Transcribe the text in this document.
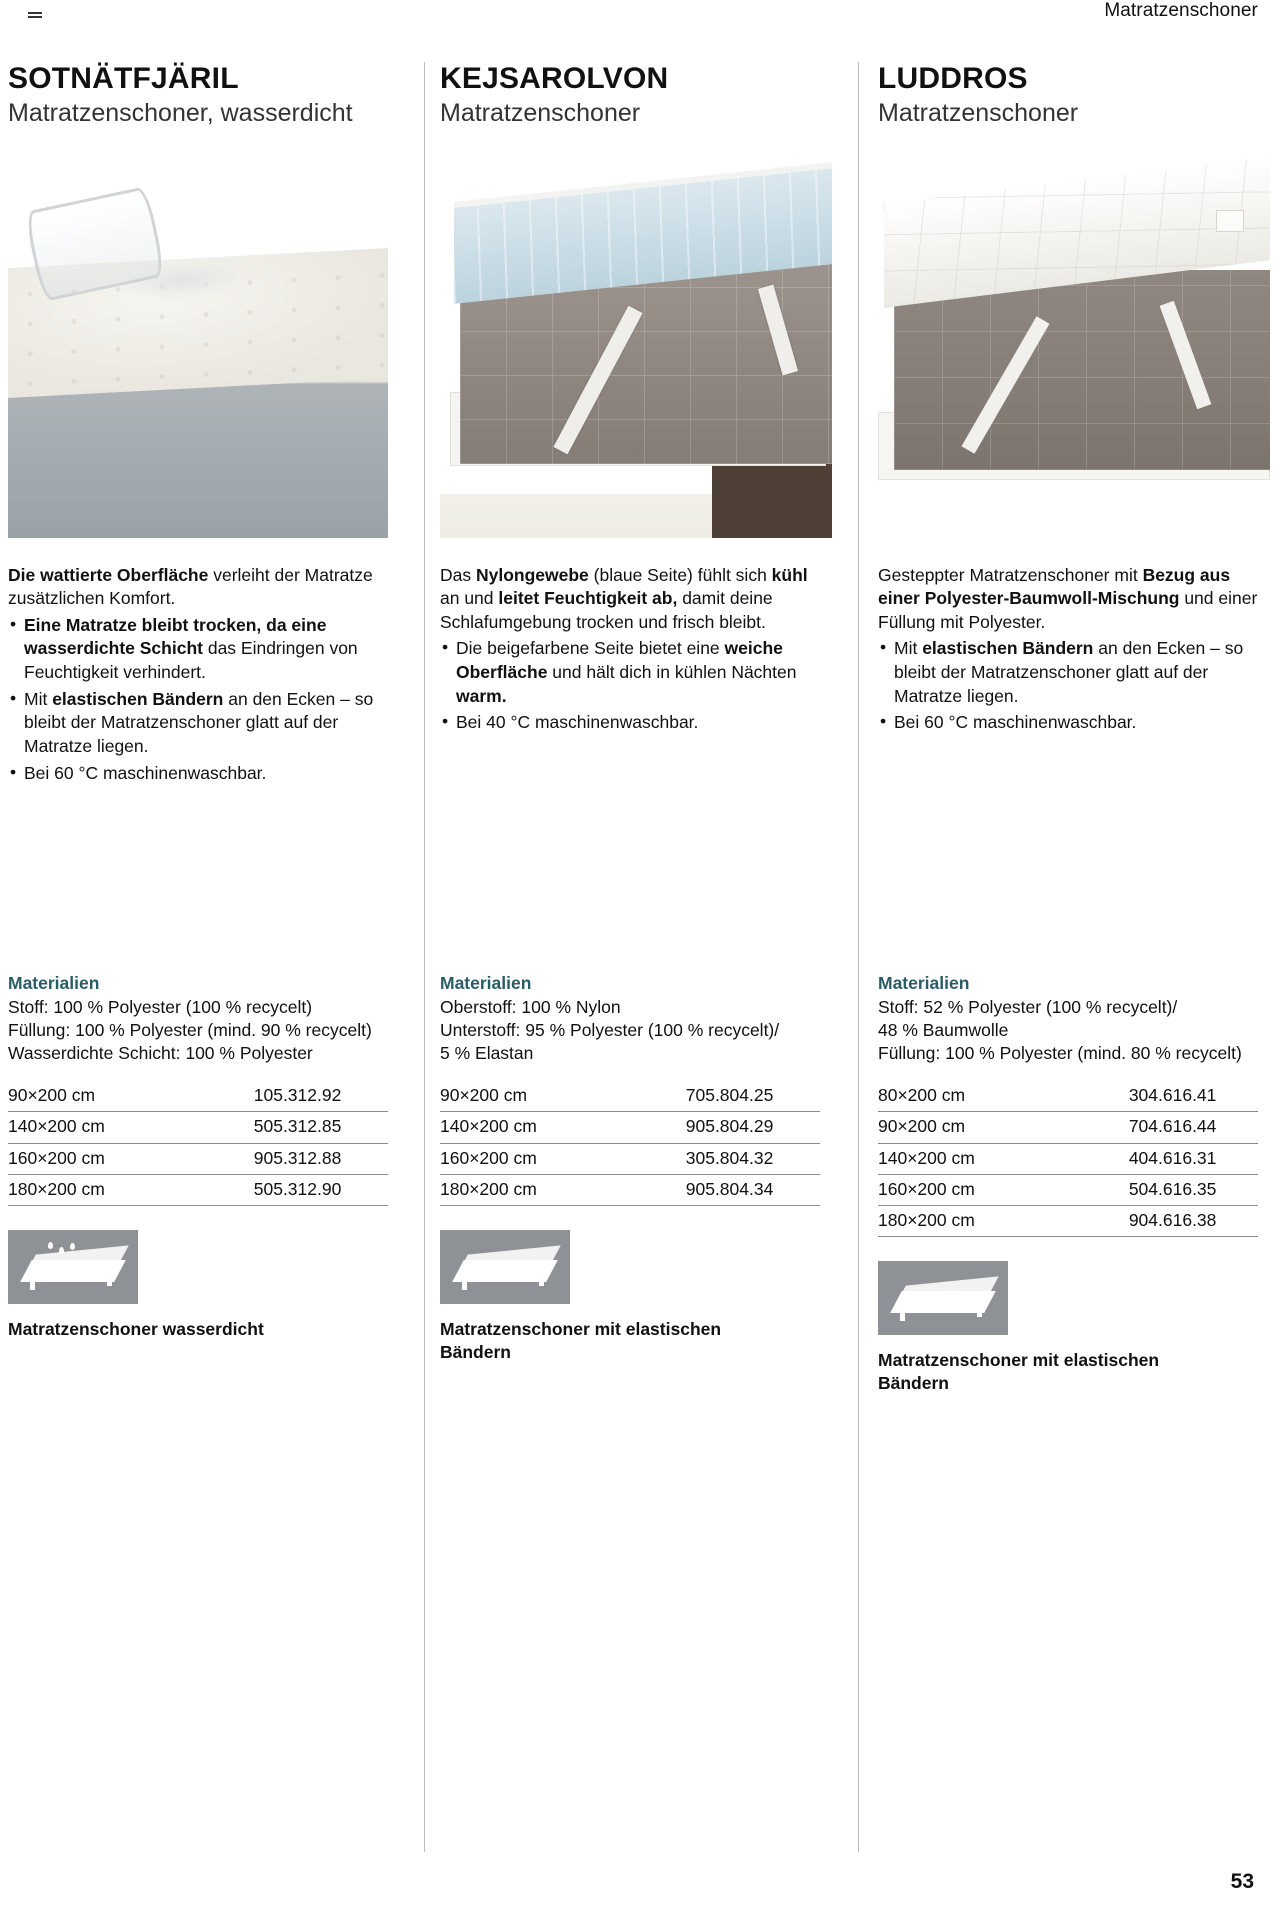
Matratzenschoner
SOTNÄTFJÄRIL
Matratzenschoner, wasserdicht

Die wattierte Oberfläche verleiht der Matratze zusätzlichen Komfort.

• Eine Matratze bleibt trocken, da eine wasserdichte Schicht das Eindringen von Feuchtigkeit verhindert.
• Mit elastischen Bändern an den Ecken – so bleibt der Matratzenschoner glatt auf der Matratze liegen.
• Bei 60 °C maschinenwaschbar.
Materialien
Stoff: 100 % Polyester (100 % recycelt)
Füllung: 100 % Polyester (mind. 90 % recycelt)
Wasserdichte Schicht: 100 % Polyester
90×200 cm	105.312.92
140×200 cm	505.312.85
160×200 cm	905.312.88
180×200 cm	505.312.90
Matratzenschoner wasserdicht
KEJSAROLVON
Matratzenschoner

Das Nylongewebe (blaue Seite) fühlt sich kühl an und leitet Feuchtigkeit ab, damit deine Schlafumgebung trocken und frisch bleibt.

• Die beigefarbene Seite bietet eine weiche Oberfläche und hält dich in kühlen Nächten warm.
• Bei 40 °C maschinenwaschbar.
Materialien
Oberstoff: 100 % Nylon
Unterstoff: 95 % Polyester (100 % recycelt)/
5 % Elastan
90×200 cm	705.804.25
140×200 cm	905.804.29
160×200 cm	305.804.32
180×200 cm	905.804.34
Matratzenschoner mit elastischen Bändern
LUDDROS
Matratzenschoner

Gesteppter Matratzenschoner mit Bezug aus einer Polyester-Baumwoll-Mischung und einer Füllung mit Polyester.

• Mit elastischen Bändern an den Ecken – so bleibt der Matratzenschoner glatt auf der Matratze liegen.
• Bei 60 °C maschinenwaschbar.
Materialien
Stoff: 52 % Polyester (100 % recycelt)/
48 % Baumwolle
Füllung: 100 % Polyester (mind. 80 % recycelt)
80×200 cm	304.616.41
90×200 cm	704.616.44
140×200 cm	404.616.31
160×200 cm	504.616.35
180×200 cm	904.616.38
Matratzenschoner mit elastischen Bändern
53
